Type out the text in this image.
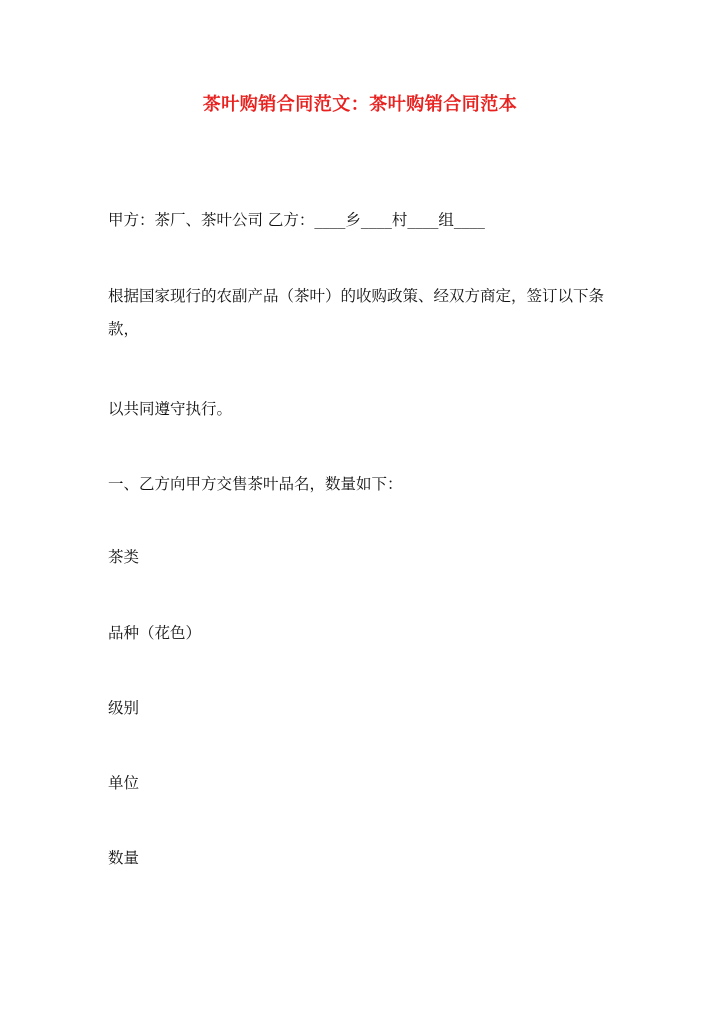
茶叶购销合同范文：茶叶购销合同范本
甲方：茶厂、茶叶公司 乙方：____乡____村____组____
根据国家现行的农副产品（茶叶）的收购政策、经双方商定，签订以下条款，
以共同遵守执行。
一、乙方向甲方交售茶叶品名，数量如下：
茶类
品种（花色）
级别
单位
数量
